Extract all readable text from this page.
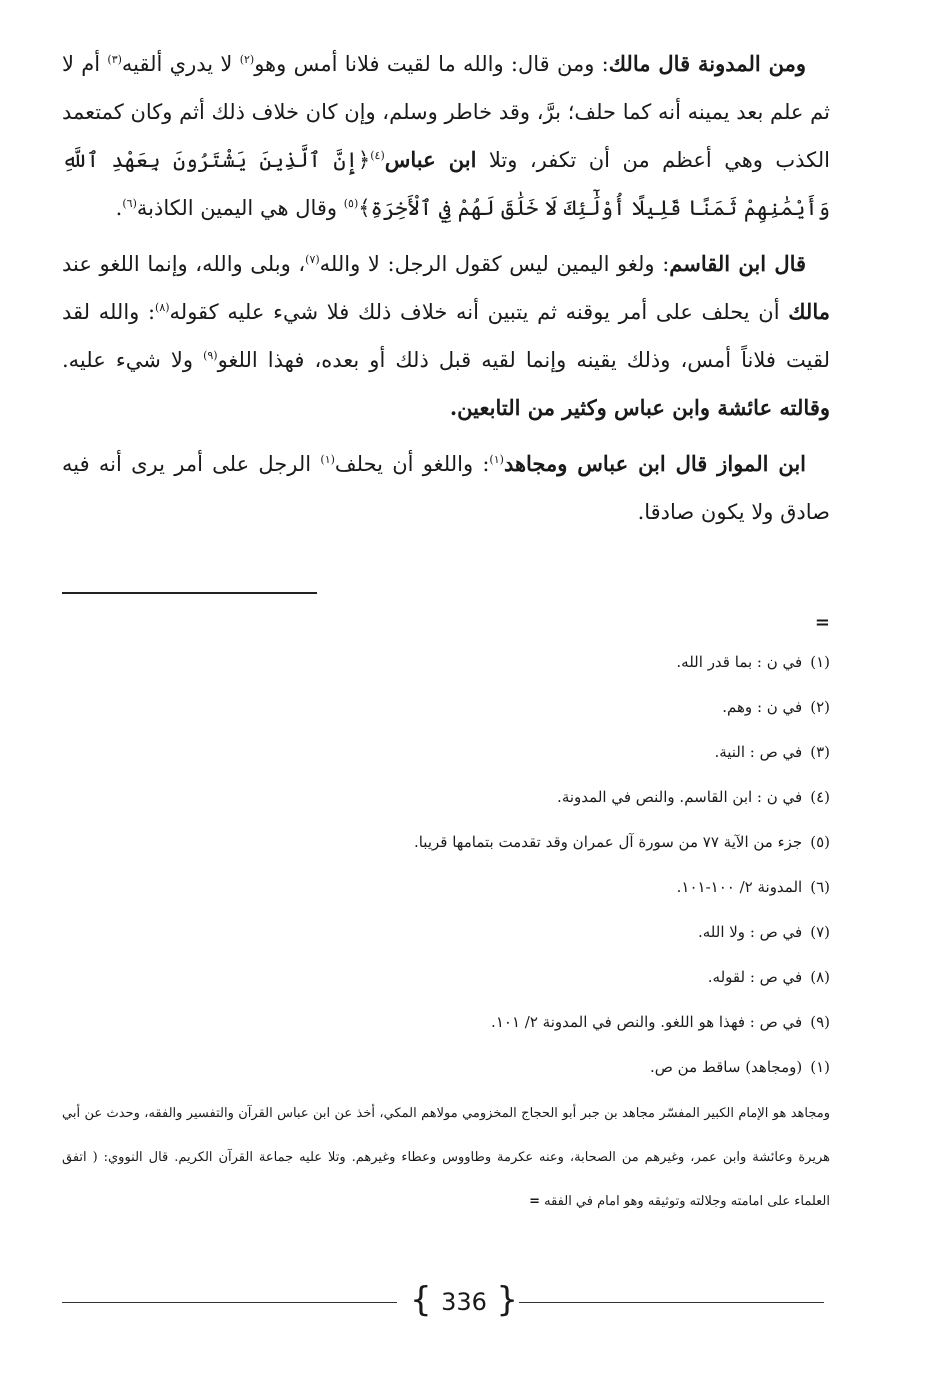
ومن المدونة قال مالك: ومن قال: والله ما لقيت فلانا أمس وهو$^{(٢)}$ لا يدري ألقيه$^{(٣)}$ أم لا ثم علم بعد يمينه أنه كما حلف؛ برَّ، وقد خاطر وسلم، وإن كان خلاف ذلك أثم وكان كمتعمد الكذب وهي أعظم من أن تكفر، وتلا ابن عباس$^{(٤)}$﴿إِنَّ ٱلَّذِينَ يَشْتَرُونَ بِعَهْدِ ٱللَّهِ وَأَيْمَٰنِهِمْ ثَمَنًا قَلِيلًا أُوْلَٰٓئِكَ لَا خَلَٰقَ لَهُمْ فِي ٱلْأَخِرَةِ﴾$^{(٥)}$ وقال هي اليمين الكاذبة$^{(٦)}$.

قال ابن القاسم: ولغو اليمين ليس كقول الرجل: لا والله$^{(٧)}$، وبلى والله، وإنما اللغو عند مالك أن يحلف على أمر يوقنه ثم يتبين أنه خلاف ذلك فلا شيء عليه كقوله$^{(٨)}$: والله لقد لقيت فلاناً أمس، وذلك يقينه وإنما لقيه قبل ذلك أو بعده، فهذا اللغو$^{(٩)}$ ولا شيء عليه. وقالته عائشة وابن عباس وكثير من التابعين.

ابن المواز قال ابن عباس ومجاهد$^{(١)}$: واللغو أن يحلف$^{(١)}$ الرجل على أمر يرى أنه فيه صادق ولا يكون صادقا.

=

(١)في ن : بما قدر الله.

(٢)في ن : وهم.

(٣)في ص : النية.

(٤)في ن : ابن القاسم. والنص في المدونة.

(٥)جزء من الآية ٧٧ من سورة آل عمران وقد تقدمت بتمامها قريبا.

(٦)المدونة ٢/ ١٠٠-١٠١.

(٧)في ص : ولا الله.

(٨)في ص : لقوله.

(٩)في ص : فهذا هو اللغو. والنص في المدونة ٢/ ١٠١.

(١)(ومجاهد) ساقط من ص.

ومجاهد هو الإمام الكبير المفسّر مجاهد بن جبر أبو الحجاج المخزومي مولاهم المكي، أخذ عن ابن عباس القرآن والتفسير والفقه، وحدث عن أبي هريرة وعائشة وابن عمر، وغيرهم من الصحابة، وعنه عكرمة وطاووس وعطاء وغيرهم. وتلا عليه جماعة القرآن الكريم. قال النووي: ( اتفق العلماء على امامته وجلالته وتوثيقه وهو امام في الفقه =
{ 336 }
